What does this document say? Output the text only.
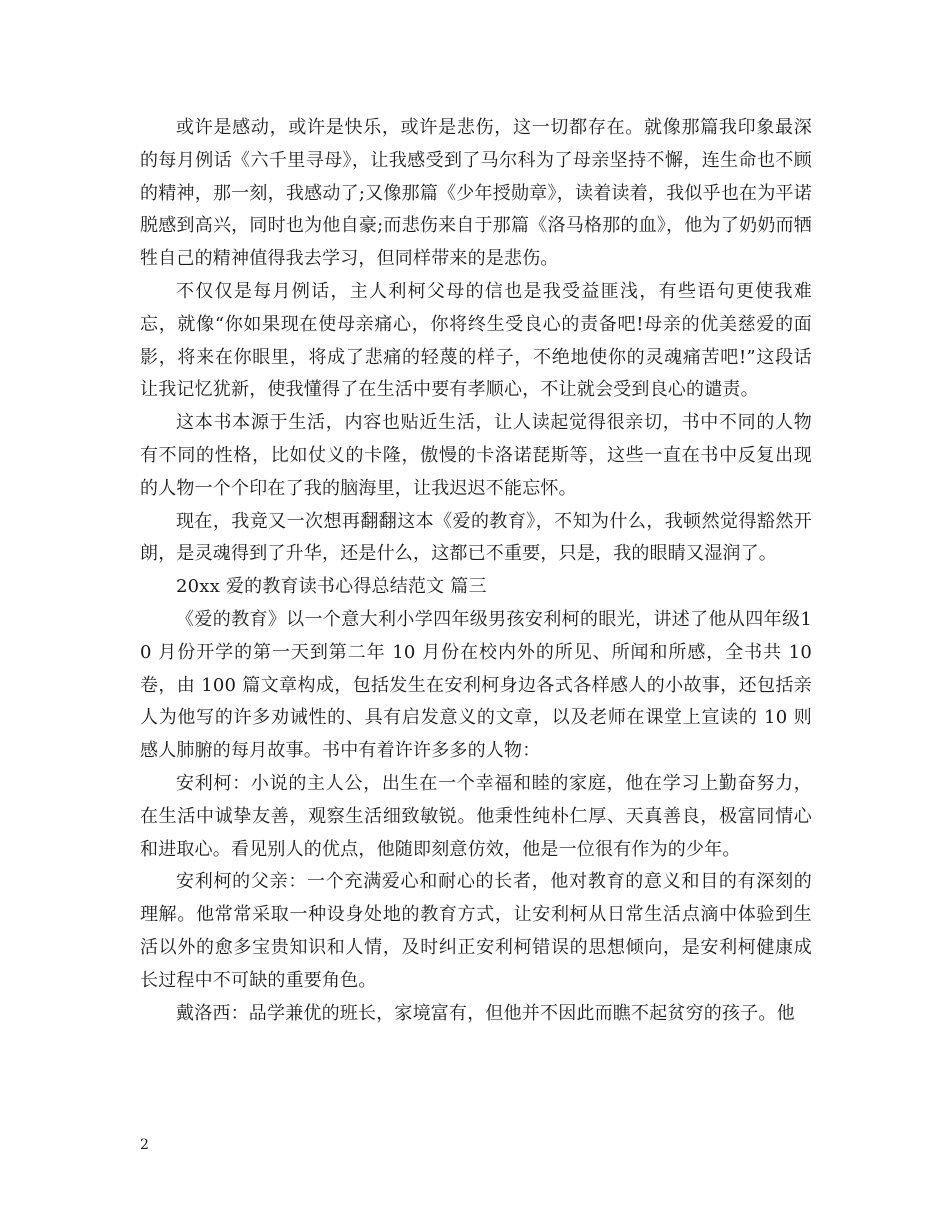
或许是感动，或许是快乐，或许是悲伤，这一切都存在。就像那篇我印象最深的每月例话《六千里寻母》，让我感受到了马尔科为了母亲坚持不懈，连生命也不顾的精神，那一刻，我感动了;又像那篇《少年授勋章》，读着读着，我似乎也在为平诺脱感到高兴，同时也为他自豪;而悲伤来自于那篇《洛马格那的血》，他为了奶奶而牺牲自己的精神值得我去学习，但同样带来的是悲伤。

不仅仅是每月例话，主人利柯父母的信也是我受益匪浅，有些语句更使我难忘，就像“你如果现在使母亲痛心，你将终生受良心的责备吧!母亲的优美慈爱的面影，将来在你眼里，将成了悲痛的轻蔑的样子，不绝地使你的灵魂痛苦吧!”这段话让我记忆犹新，使我懂得了在生活中要有孝顺心，不让就会受到良心的谴责。

这本书本源于生活，内容也贴近生活，让人读起觉得很亲切，书中不同的人物有不同的性格，比如仗义的卡隆，傲慢的卡洛诺琵斯等，这些一直在书中反复出现的人物一个个印在了我的脑海里，让我迟迟不能忘怀。

现在，我竟又一次想再翻翻这本《爱的教育》，不知为什么，我顿然觉得豁然开朗，是灵魂得到了升华，还是什么，这都已不重要，只是，我的眼睛又湿润了。

20xx 爱的教育读书心得总结范文 篇三

《爱的教育》以一个意大利小学四年级男孩安利柯的眼光，讲述了他从四年级10 月份开学的第一天到第二年 10 月份在校内外的所见、所闻和所感，全书共 10 卷，由 100 篇文章构成，包括发生在安利柯身边各式各样感人的小故事，还包括亲人为他写的许多劝诫性的、具有启发意义的文章，以及老师在课堂上宣读的 10 则感人肺腑的每月故事。书中有着许许多多的人物：

安利柯：小说的主人公，出生在一个幸福和睦的家庭，他在学习上勤奋努力，在生活中诚挚友善，观察生活细致敏锐。他秉性纯朴仁厚、天真善良，极富同情心和进取心。看见别人的优点，他随即刻意仿效，他是一位很有作为的少年。

安利柯的父亲：一个充满爱心和耐心的长者，他对教育的意义和目的有深刻的理解。他常常采取一种设身处地的教育方式，让安利柯从日常生活点滴中体验到生活以外的愈多宝贵知识和人情，及时纠正安利柯错误的思想倾向，是安利柯健康成长过程中不可缺的重要角色。

戴洛西：品学兼优的班长，家境富有，但他并不因此而瞧不起贫穷的孩子。他

2
